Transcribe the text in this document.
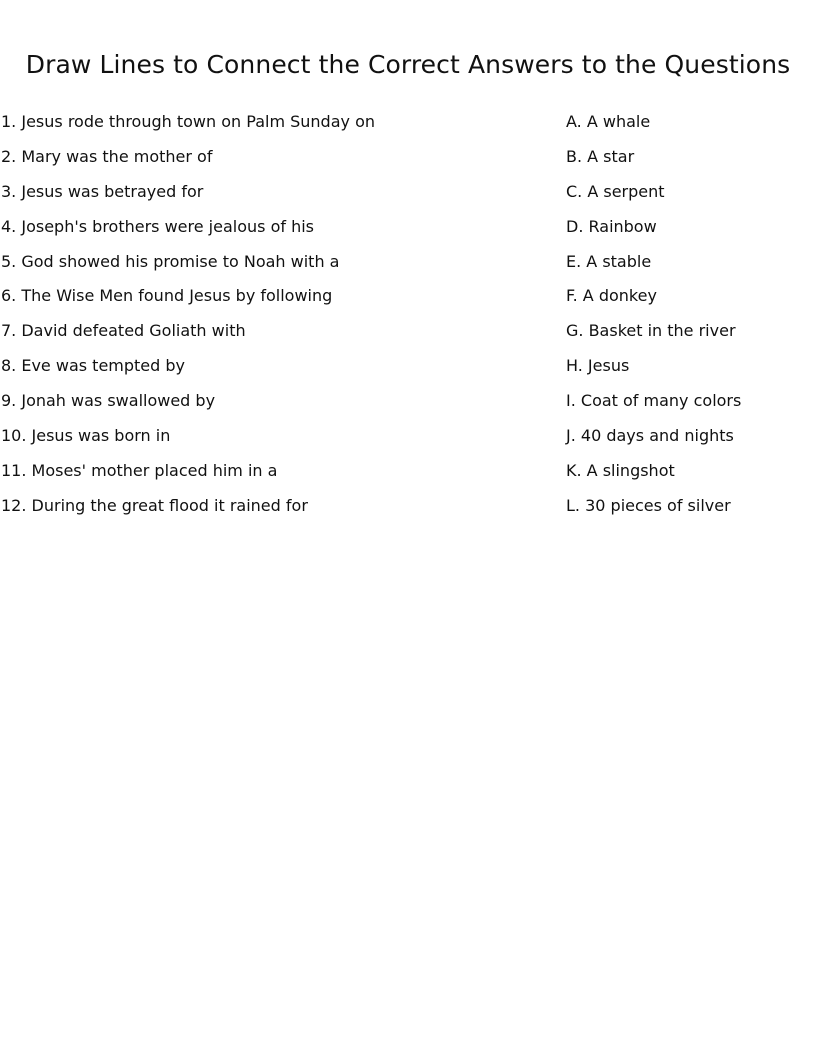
Draw Lines to Connect the Correct Answers to the Questions
1. Jesus rode through town on Palm Sunday on
2. Mary was the mother of
3. Jesus was betrayed for
4. Joseph's brothers were jealous of his
5. God showed his promise to Noah with a
6. The Wise Men found Jesus by following
7. David defeated Goliath with
8. Eve was tempted by
9. Jonah was swallowed by
10. Jesus was born in
11. Moses' mother placed him in a
12. During the great flood it rained for
A. A whale
B. A star
C. A serpent
D. Rainbow
E. A stable
F. A donkey
G. Basket in the river
H. Jesus
I. Coat of many colors
J. 40 days and nights
K. A slingshot
L. 30 pieces of silver
